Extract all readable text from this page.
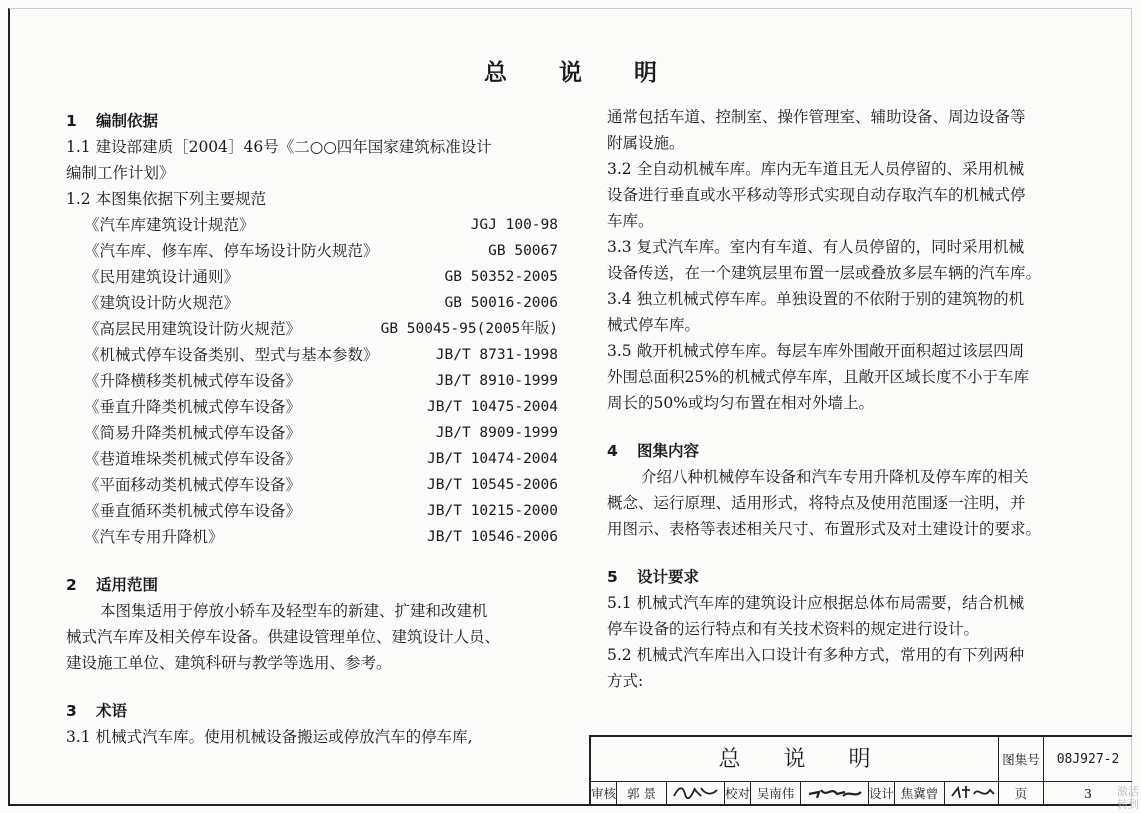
总 说 明
1 编制依据
1.1 建设部建质［2004］46号《二○○四年国家建筑标准设计
编制工作计划》
1.2 本图集依据下列主要规范
《汽车库建筑设计规范》	JGJ 100-98
《汽车库、修车库、停车场设计防火规范》	GB 50067
《民用建筑设计通则》	GB 50352-2005
《建筑设计防火规范》	GB 50016-2006
《高层民用建筑设计防火规范》	GB 50045-95(2005年版)
《机械式停车设备类别、型式与基本参数》	JB/T 8731-1998
《升降横移类机械式停车设备》	JB/T 8910-1999
《垂直升降类机械式停车设备》	JB/T 10475-2004
《简易升降类机械式停车设备》	JB/T 8909-1999
《巷道堆垛类机械式停车设备》	JB/T 10474-2004
《平面移动类机械式停车设备》	JB/T 10545-2006
《垂直循环类机械式停车设备》	JB/T 10215-2000
《汽车专用升降机》	JB/T 10546-2006
2 适用范围
本图集适用于停放小轿车及轻型车的新建、扩建和改建机
械式汽车库及相关停车设备。供建设管理单位、建筑设计人员、
建设施工单位、建筑科研与教学等选用、参考。
3 术语
3.1 机械式汽车库。使用机械设备搬运或停放汽车的停车库,
通常包括车道、控制室、操作管理室、辅助设备、周边设备等
附属设施。
3.2 全自动机械车库。库内无车道且无人员停留的、采用机械
设备进行垂直或水平移动等形式实现自动存取汽车的机械式停
车库。
3.3 复式汽车库。室内有车道、有人员停留的，同时采用机械
设备传送，在一个建筑层里布置一层或叠放多层车辆的汽车库。
3.4 独立机械式停车库。单独设置的不依附于别的建筑物的机
械式停车库。
3.5 敞开机械式停车库。每层车库外围敞开面积超过该层四周
外围总面积25%的机械式停车库，且敞开区域长度不小于车库
周长的50%或均匀布置在相对外墙上。
4 图集内容
介绍八种机械停车设备和汽车专用升降机及停车库的相关
概念、运行原理、适用形式，将特点及使用范围逐一注明，并
用图示、表格等表述相关尺寸、布置形式及对土建设计的要求。
5 设计要求
5.1 机械式汽车库的建筑设计应根据总体布局需要，结合机械
停车设备的运行特点和有关技术资料的规定进行设计。
5.2 机械式汽车库出入口设计有多种方式，常用的有下列两种
方式:
总 说 明	图集号	08J927-2
审核 郭 景	校对 吴南伟	设计 焦冀曾	页	3	激活
转到
